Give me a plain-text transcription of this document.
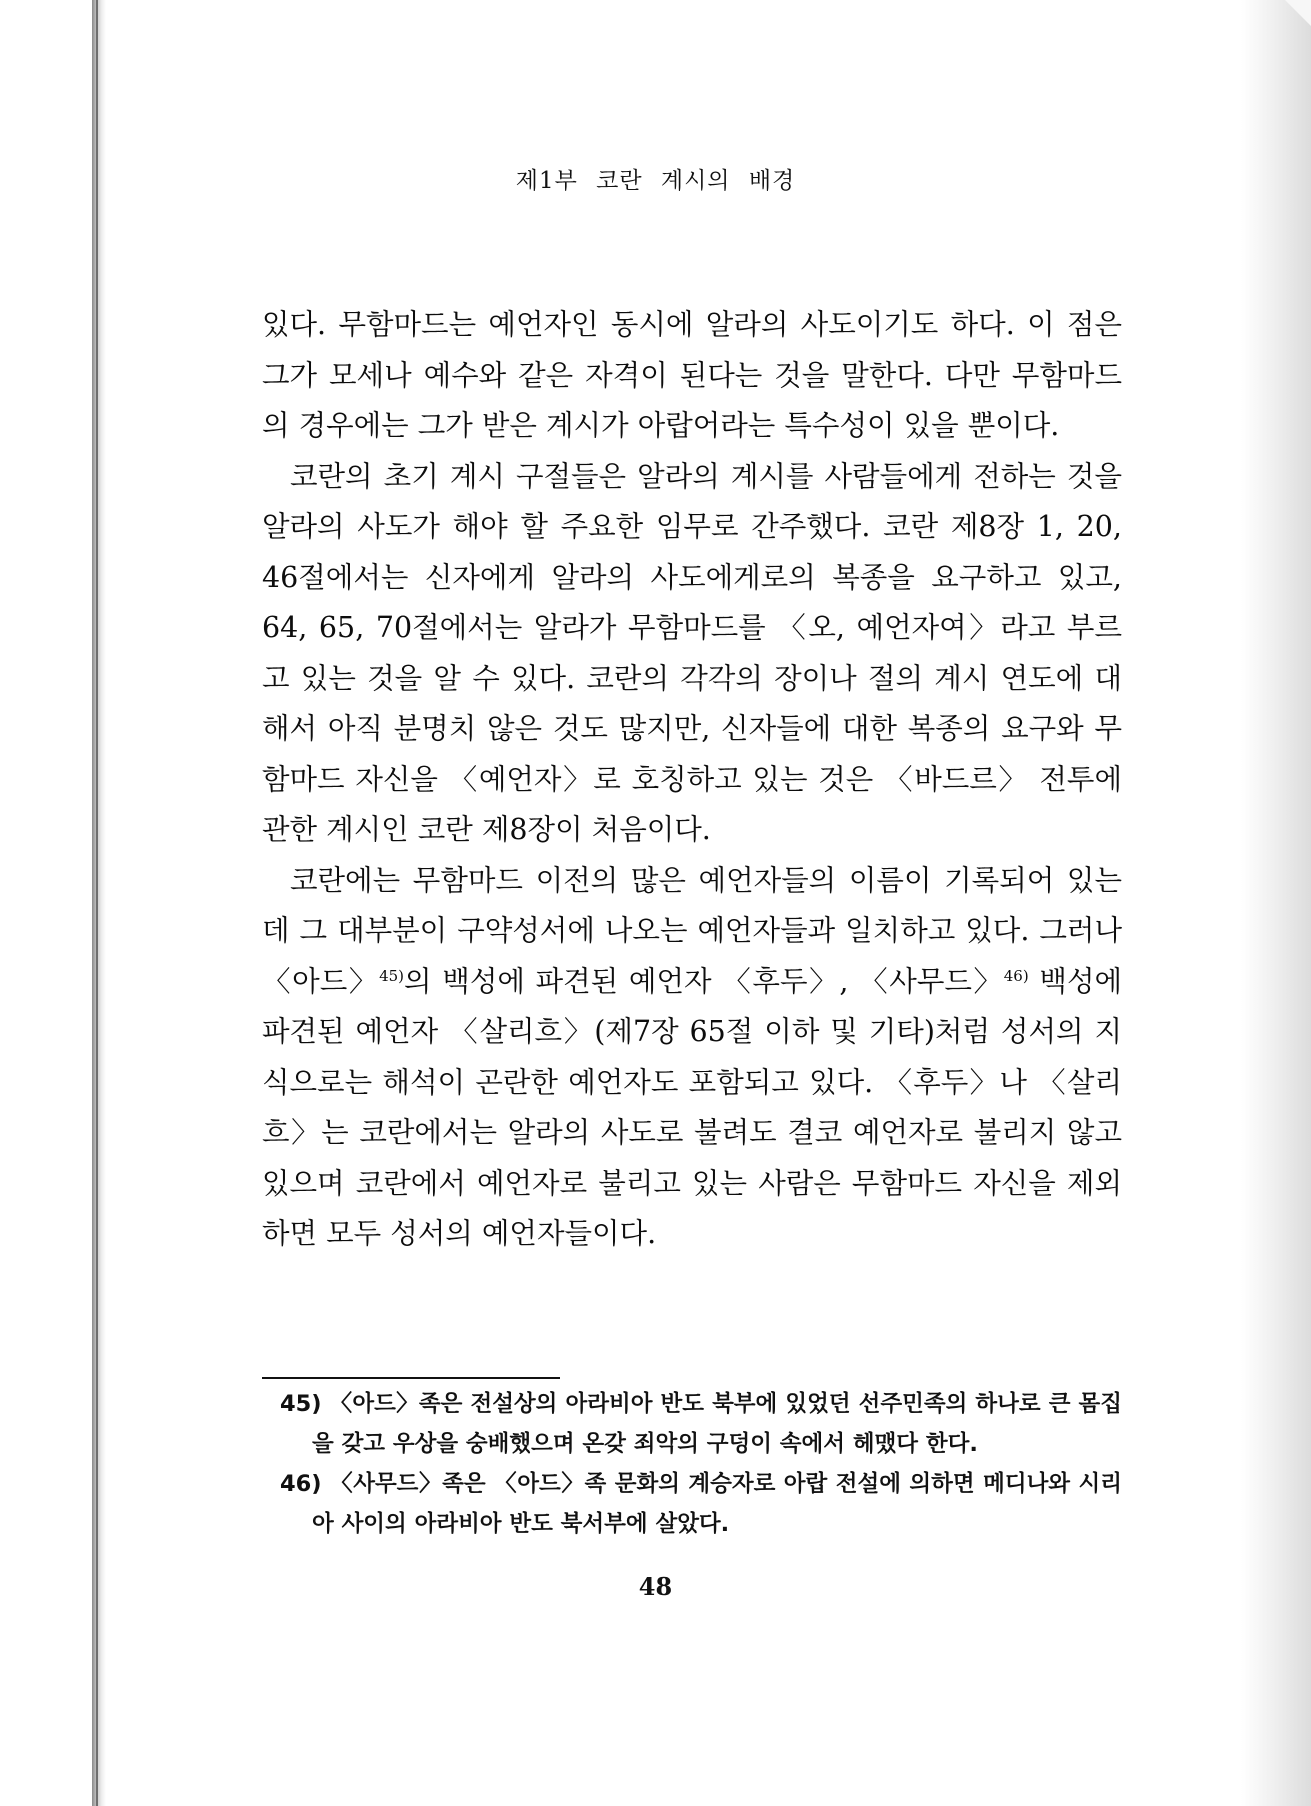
제1부 코란 계시의 배경

있다. 무함마드는 예언자인 동시에 알라의 사도이기도 하다. 이 점은 그가 모세나 예수와 같은 자격이 된다는 것을 말한다. 다만 무함마드의 경우에는 그가 받은 계시가 아랍어라는 특수성이 있을 뿐이다.

코란의 초기 계시 구절들은 알라의 계시를 사람들에게 전하는 것을 알라의 사도가 해야 할 주요한 임무로 간주했다. 코란 제8장 1, 20, 46절에서는 신자에게 알라의 사도에게로의 복종을 요구하고 있고, 64, 65, 70절에서는 알라가 무함마드를 〈오, 예언자여〉라고 부르고 있는 것을 알 수 있다. 코란의 각각의 장이나 절의 계시 연도에 대해서 아직 분명치 않은 것도 많지만, 신자들에 대한 복종의 요구와 무함마드 자신을 〈예언자〉로 호칭하고 있는 것은 〈바드르〉 전투에 관한 계시인 코란 제8장이 처음이다.

코란에는 무함마드 이전의 많은 예언자들의 이름이 기록되어 있는데 그 대부분이 구약성서에 나오는 예언자들과 일치하고 있다. 그러나 〈아드〉$^{45)}$의 백성에 파견된 예언자 〈후두〉, 〈사무드〉$^{46)}$ 백성에 파견된 예언자 〈살리흐〉(제7장 65절 이하 및 기타)처럼 성서의 지식으로는 해석이 곤란한 예언자도 포함되고 있다. 〈후두〉나 〈살리흐〉는 코란에서는 알라의 사도로 불려도 결코 예언자로 불리지 않고 있으며 코란에서 예언자로 불리고 있는 사람은 무함마드 자신을 제외하면 모두 성서의 예언자들이다.

45) 〈아드〉족은 전설상의 아라비아 반도 북부에 있었던 선주민족의 하나로 큰 몸집을 갖고 우상을 숭배했으며 온갖 죄악의 구덩이 속에서 헤맸다 한다.
46) 〈사무드〉족은 〈아드〉족 문화의 계승자로 아랍 전설에 의하면 메디나와 시리아 사이의 아라비아 반도 북서부에 살았다.
48
